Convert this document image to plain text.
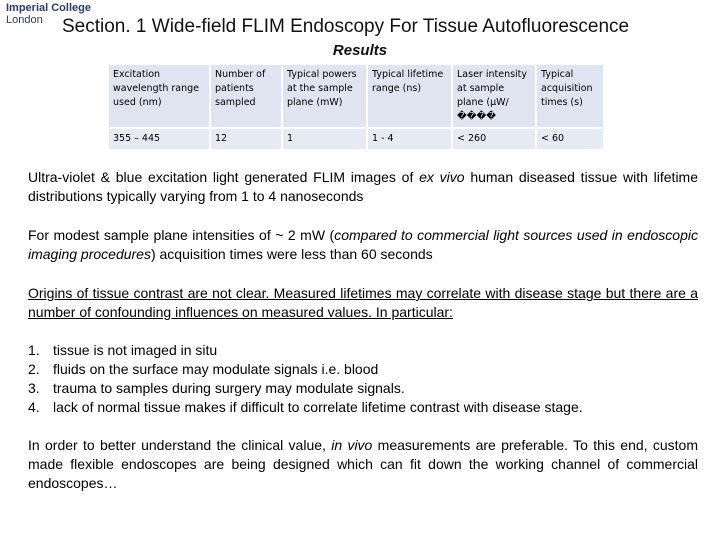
Imperial College
London	Section. 1 Wide-field FLIM Endoscopy For Tissue Autofluorescence
Results
Excitation wavelength range used (nm)	Number of patients sampled	Typical powers at the sample plane (mW)	Typical lifetime range (ns)	Laser intensity at sample plane (µW/����	Typical acquisition times (s)
355 – 445	12	1	1 - 4	< 260	< 60

Ultra-violet & blue excitation light generated FLIM images of ex vivo human diseased tissue with lifetime distributions typically varying from 1 to 4 nanoseconds

For modest sample plane intensities of ~ 2 mW (compared to commercial light sources used in endoscopic imaging procedures) acquisition times were less than 60 seconds

Origins of tissue contrast are not clear. Measured lifetimes may correlate with disease stage but there are a number of confounding influences on measured values. In particular:

1. tissue is not imaged in situ
2. fluids on the surface may modulate signals i.e. blood
3. trauma to samples during surgery may modulate signals.
4. lack of normal tissue makes if difficult to correlate lifetime contrast with disease stage.

In order to better understand the clinical value, in vivo measurements are preferable. To this end, custom made flexible endoscopes are being designed which can fit down the working channel of commercial endoscopes…
